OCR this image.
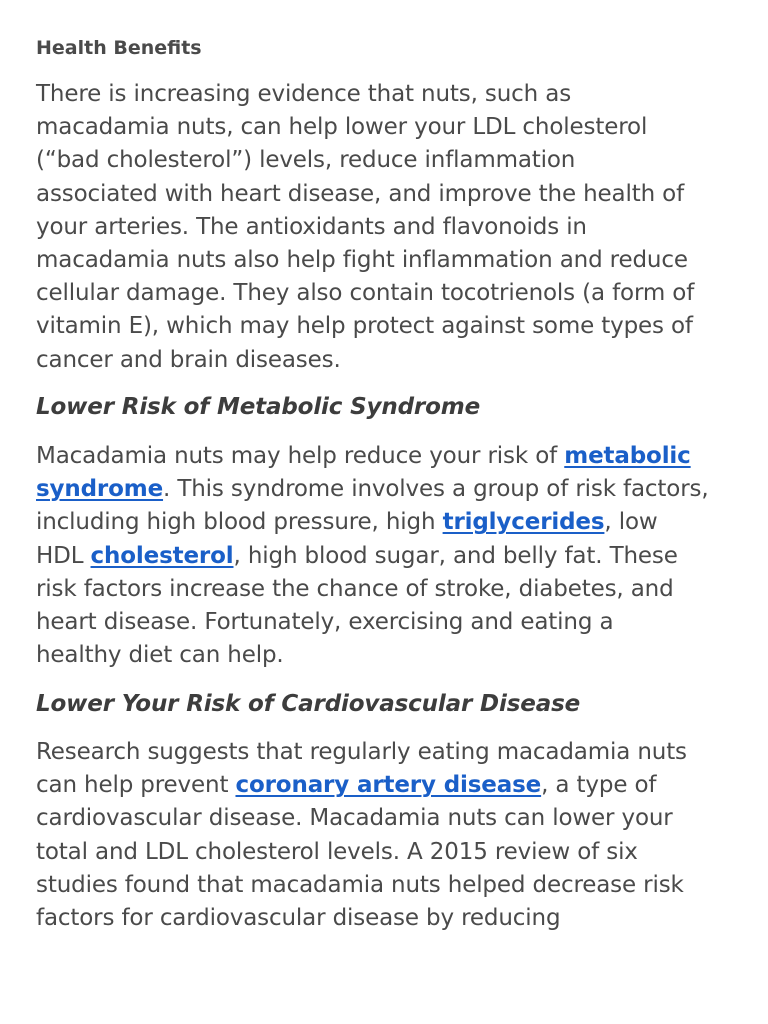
Health Benefits

There is increasing evidence that nuts, such as
macadamia nuts, can help lower your LDL cholesterol
(“bad cholesterol”) levels, reduce inflammation
associated with heart disease, and improve the health of
your arteries. The antioxidants and flavonoids in
macadamia nuts also help fight inflammation and reduce
cellular damage. They also contain tocotrienols (a form of
vitamin E), which may help protect against some types of
cancer and brain diseases.

Lower Risk of Metabolic Syndrome

Macadamia nuts may help reduce your risk of metabolic
syndrome. This syndrome involves a group of risk factors,
including high blood pressure, high triglycerides, low
HDL cholesterol, high blood sugar, and belly fat. These
risk factors increase the chance of stroke, diabetes, and
heart disease. Fortunately, exercising and eating a
healthy diet can help.

Lower Your Risk of Cardiovascular Disease

Research suggests that regularly eating macadamia nuts
can help prevent coronary artery disease, a type of
cardiovascular disease. Macadamia nuts can lower your
total and LDL cholesterol levels. A 2015 review of six
studies found that macadamia nuts helped decrease risk
factors for cardiovascular disease by reducing
